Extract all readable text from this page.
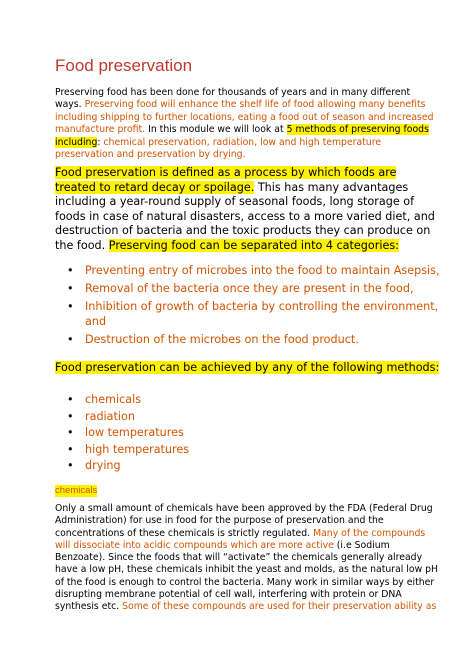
Food preservation

Preserving food has been done for thousands of years and in many different ways. Preserving food will enhance the shelf life of food allowing many benefits including shipping to further locations, eating a food out of season and increased manufacture profit. In this module we will look at 5 methods of preserving foods including: chemical preservation, radiation, low and high temperature preservation and preservation by drying.

Food preservation is defined as a process by which foods are treated to retard decay or spoilage. This has many advantages including a year-round supply of seasonal foods, long storage of foods in case of natural disasters, access to a more varied diet, and destruction of bacteria and the toxic products they can produce on the food. Preserving food can be separated into 4 categories:

• Preventing entry of microbes into the food to maintain Asepsis,
• Removal of the bacteria once they are present in the food,
• Inhibition of growth of bacteria by controlling the environment, and
• Destruction of the microbes on the food product.

Food preservation can be achieved by any of the following methods:

• chemicals
• radiation
• low temperatures
• high temperatures
• drying

chemicals

Only a small amount of chemicals have been approved by the FDA (Federal Drug Administration) for use in food for the purpose of preservation and the concentrations of these chemicals is strictly regulated. Many of the compounds will dissociate into acidic compounds which are more active (i.e Sodium Benzoate). Since the foods that will “activate” the chemicals generally already have a low pH, these chemicals inhibit the yeast and molds, as the natural low pH of the food is enough to control the bacteria. Many work in similar ways by either disrupting membrane potential of cell wall, interfering with protein or DNA synthesis etc. Some of these compounds are used for their preservation ability as
